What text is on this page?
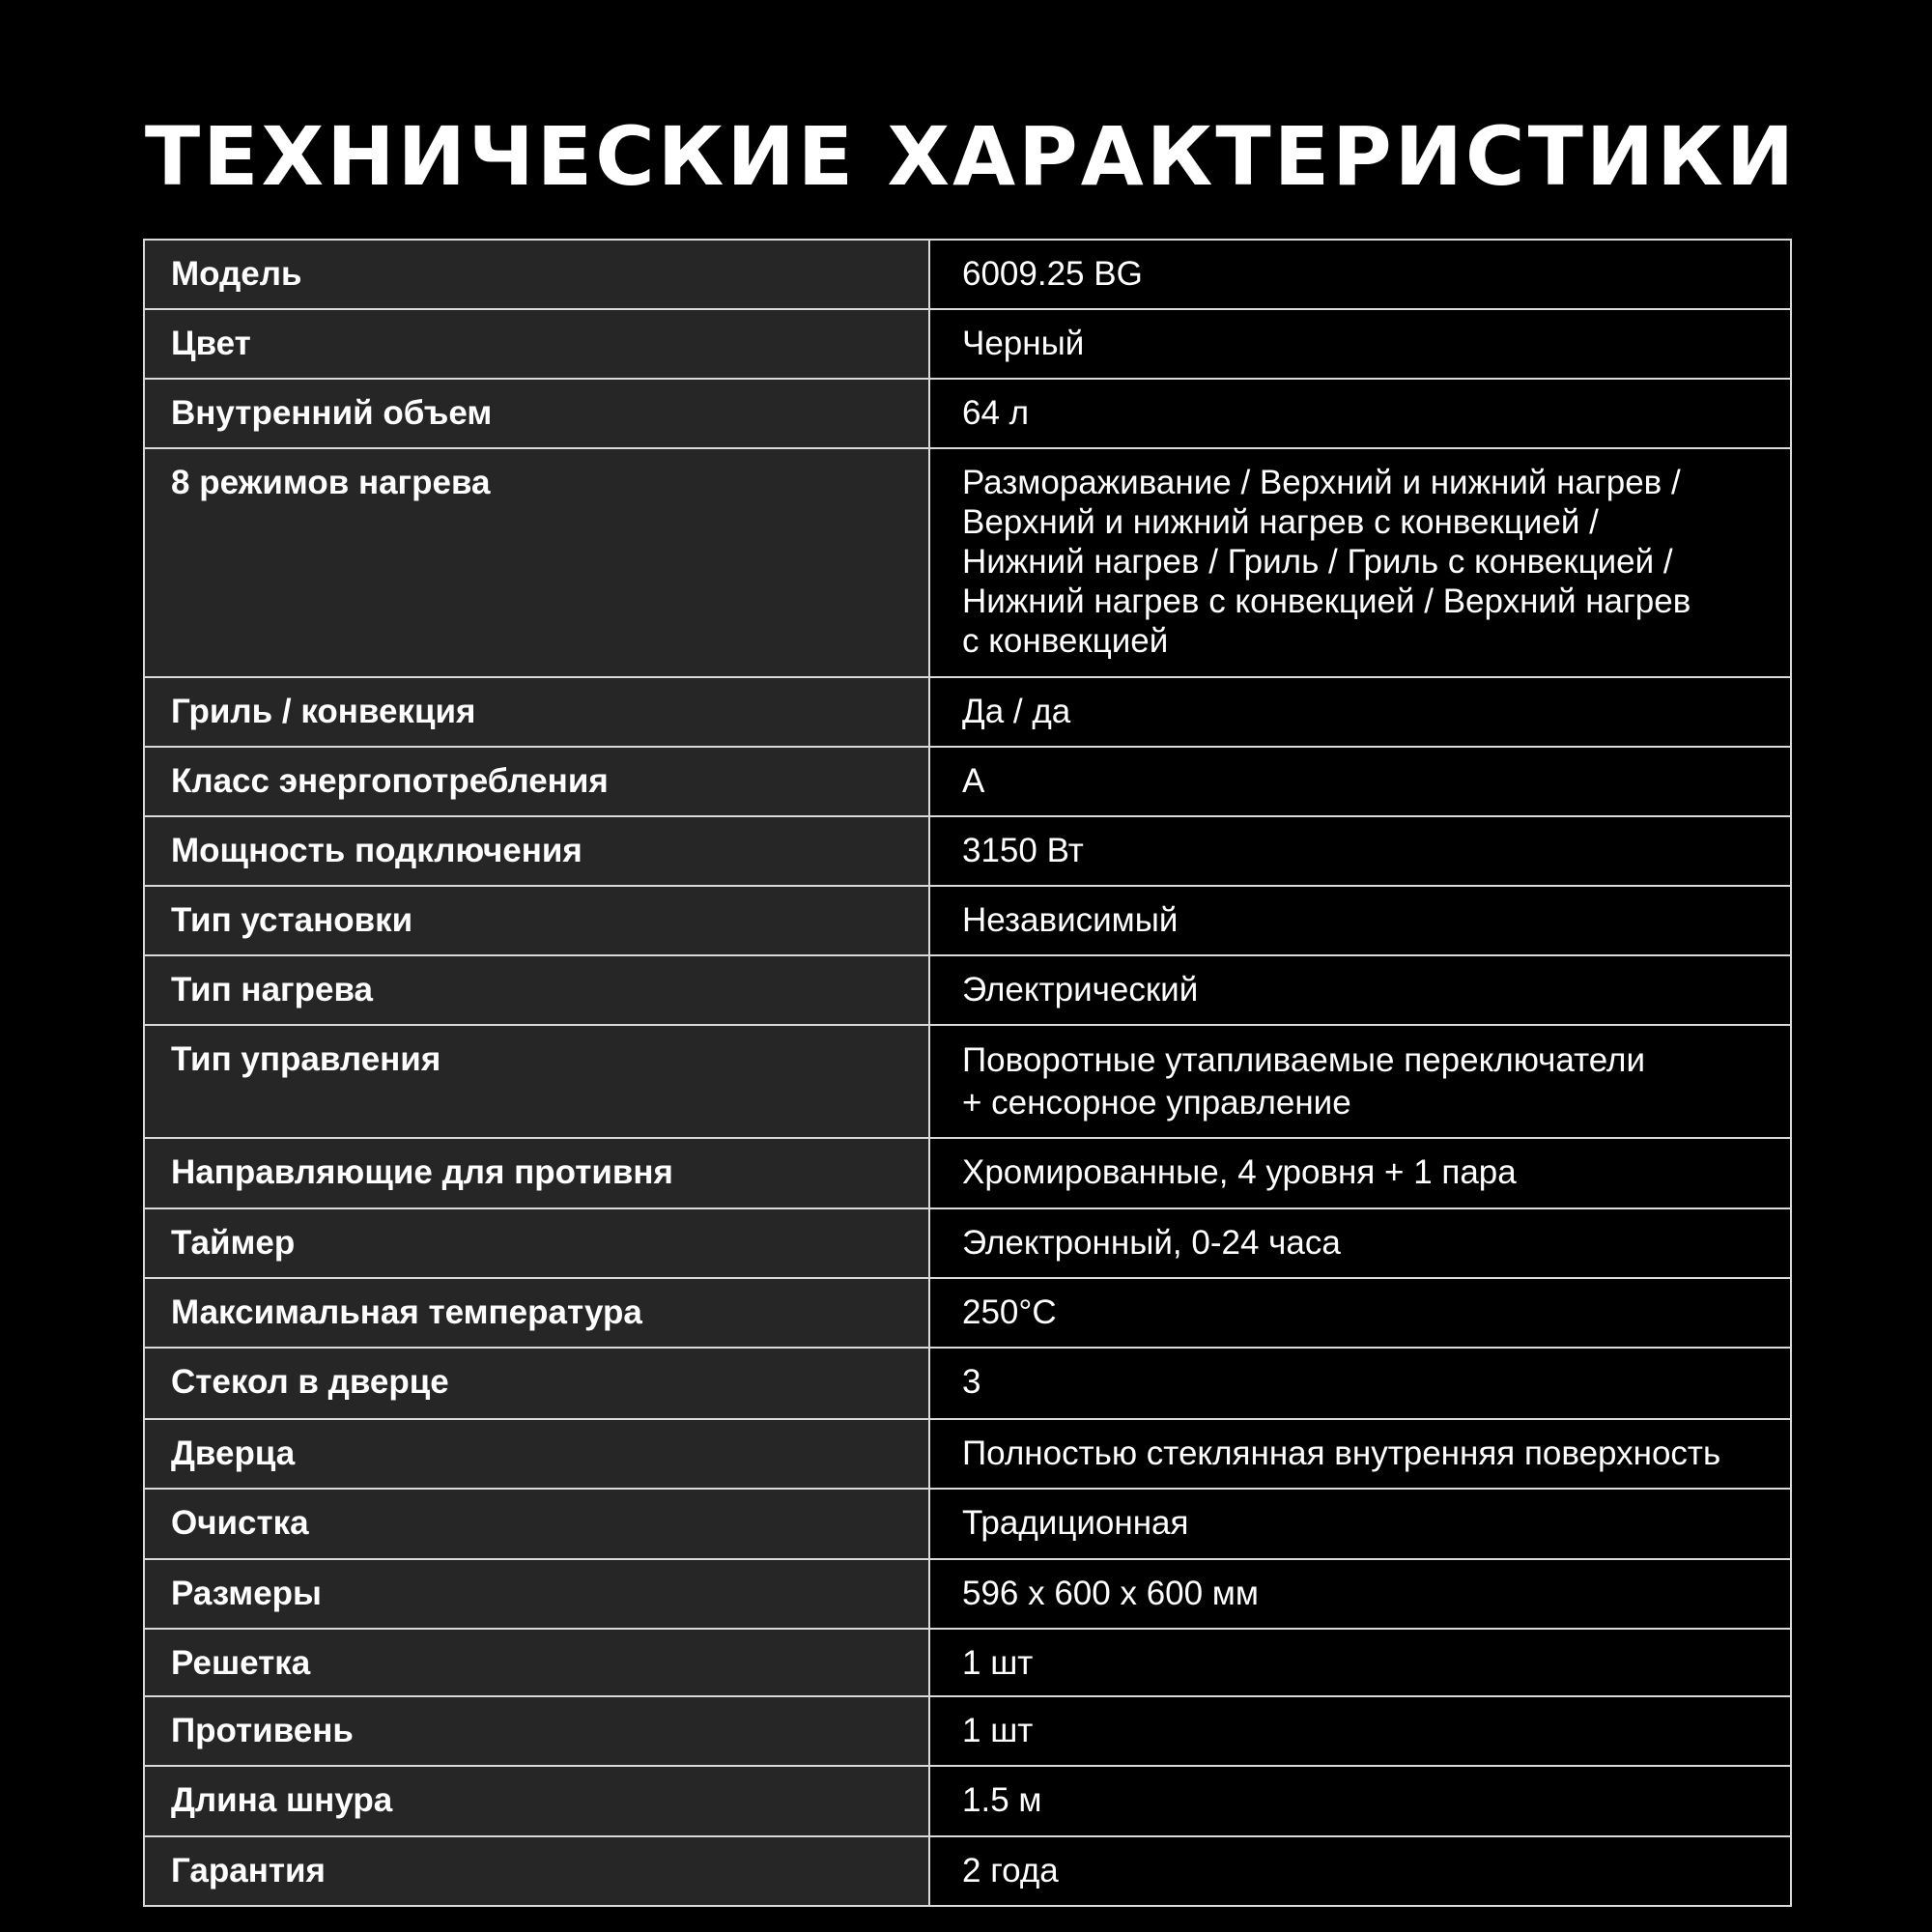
ТЕХНИЧЕСКИЕ ХАРАКТЕРИСТИКИ
Модель	6009.25 BG
Цвет	Черный
Внутренний объем	64 л
8 режимов нагрева	Размораживание / Верхний и нижний нагрев /
Верхний и нижний нагрев с конвекцией /
Нижний нагрев / Гриль / Гриль с конвекцией /
Нижний нагрев с конвекцией / Верхний нагрев
с конвекцией

Гриль / конвекция	Да / да
Класс энергопотребления	A
Мощность подключения	3150 Вт
Тип установки	Независимый
Тип нагрева	Электрический
Тип управления	Поворотные утапливаемые переключатели
+ сенсорное управление

Направляющие для противня	Хромированные, 4 уровня + 1 пара
Таймер	Электронный, 0-24 часа
Максимальная температура	250°C
Стекол в дверце	3
Дверца	Полностью стеклянная внутренняя поверхность
Очистка	Традиционная
Размеры	596 х 600 х 600 мм
Решетка	1 шт
Противень	1 шт
Длина шнура	1.5 м
Гарантия	2 года
